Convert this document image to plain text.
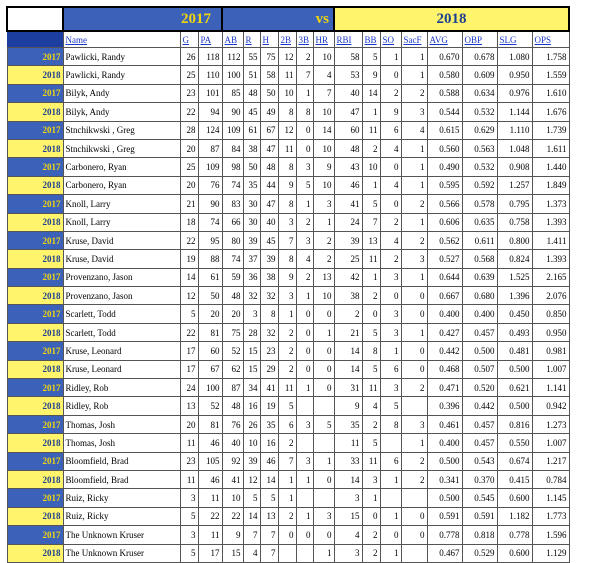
	2017			vs						2018							
	Name	G	PA	AB	R	H	2B	3B	HR	RBI	BB	SO	SacF	AVG	OBP	SLG	OPS
2017	Pawlicki, Randy	26	118	112	55	75	12	2	10	58	5	1	1	0.670	0.678	1.080	1.758
2018	Pawlicki, Randy	25	110	100	51	58	11	7	4	53	9	0	1	0.580	0.609	0.950	1.559
2017	Bilyk, Andy	23	101	85	48	50	10	1	7	40	14	2	2	0.588	0.634	0.976	1.610
2018	Bilyk, Andy	22	94	90	45	49	8	8	10	47	1	9	3	0.544	0.532	1.144	1.676
2017	Stnchikwski , Greg	28	124	109	61	67	12	0	14	60	11	6	4	0.615	0.629	1.110	1.739
2018	Stnchikwski , Greg	20	87	84	38	47	11	0	10	48	2	4	1	0.560	0.563	1.048	1.611
2017	Carbonero, Ryan	25	109	98	50	48	8	3	9	43	10	0	1	0.490	0.532	0.908	1.440
2018	Carbonero, Ryan	20	76	74	35	44	9	5	10	46	1	4	1	0.595	0.592	1.257	1.849
2017	Knoll, Larry	21	90	83	30	47	8	1	3	41	5	0	2	0.566	0.578	0.795	1.373
2018	Knoll, Larry	18	74	66	30	40	3	2	1	24	7	2	1	0.606	0.635	0.758	1.393
2017	Kruse, David	22	95	80	39	45	7	3	2	39	13	4	2	0.562	0.611	0.800	1.411
2018	Kruse, David	19	88	74	37	39	8	4	2	25	11	2	3	0.527	0.568	0.824	1.393
2017	Provenzano, Jason	14	61	59	36	38	9	2	13	42	1	3	1	0.644	0.639	1.525	2.165
2018	Provenzano, Jason	12	50	48	32	32	3	1	10	38	2	0	0	0.667	0.680	1.396	2.076
2017	Scarlett, Todd	5	20	20	3	8	1	0	0	2	0	3	0	0.400	0.400	0.450	0.850
2018	Scarlett, Todd	22	81	75	28	32	2	0	1	21	5	3	1	0.427	0.457	0.493	0.950
2017	Kruse, Leonard	17	60	52	15	23	2	0	0	14	8	1	0	0.442	0.500	0.481	0.981
2018	Kruse, Leonard	17	67	62	15	29	2	0	0	14	5	6	0	0.468	0.507	0.500	1.007
2017	Ridley, Rob	24	100	87	34	41	11	1	0	31	11	3	2	0.471	0.520	0.621	1.141
2018	Ridley, Rob	13	52	48	16	19	5			9	4	5		0.396	0.442	0.500	0.942
2017	Thomas, Josh	20	81	76	26	35	6	3	5	35	2	8	3	0.461	0.457	0.816	1.273
2018	Thomas, Josh	11	46	40	10	16	2			11	5		1	0.400	0.457	0.550	1.007
2017	Bloomfield, Brad	23	105	92	39	46	7	3	1	33	11	6	2	0.500	0.543	0.674	1.217
2018	Bloomfield, Brad	11	46	41	12	14	1	1	0	14	3	1	2	0.341	0.370	0.415	0.784
2017	Ruiz, Ricky	3	11	10	5	5	1			3	1			0.500	0.545	0.600	1.145
2018	Ruiz, Ricky	5	22	22	14	13	2	1	3	15	0	1	0	0.591	0.591	1.182	1.773
2017	The Unknown Kruser	3	11	9	7	7	0	0	0	4	2	0	0	0.778	0.818	0.778	1.596
2018	The Unknown Kruser	5	17	15	4	7			1	3	2	1		0.467	0.529	0.600	1.129
